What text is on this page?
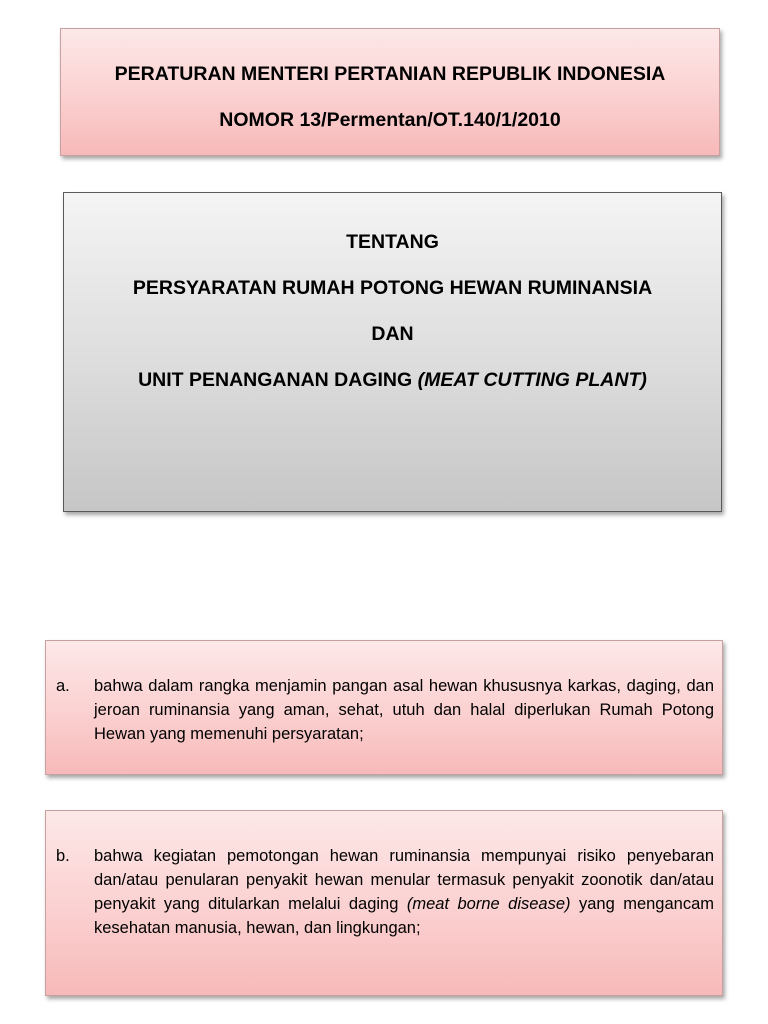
PERATURAN MENTERI PERTANIAN REPUBLIK INDONESIA
NOMOR 13/Permentan/OT.140/1/2010
TENTANG
PERSYARATAN RUMAH POTONG HEWAN RUMINANSIA
DAN
UNIT PENANGANAN DAGING (MEAT CUTTING PLANT)
a.	bahwa dalam rangka menjamin pangan asal hewan khususnya karkas, daging, dan jeroan ruminansia yang aman, sehat, utuh dan halal diperlukan Rumah Potong Hewan yang memenuhi persyaratan;
b.	bahwa kegiatan pemotongan hewan ruminansia mempunyai risiko penyebaran dan/atau penularan penyakit hewan menular termasuk penyakit zoonotik dan/atau penyakit yang ditularkan melalui daging (meat borne disease) yang mengancam kesehatan manusia, hewan, dan lingkungan;
